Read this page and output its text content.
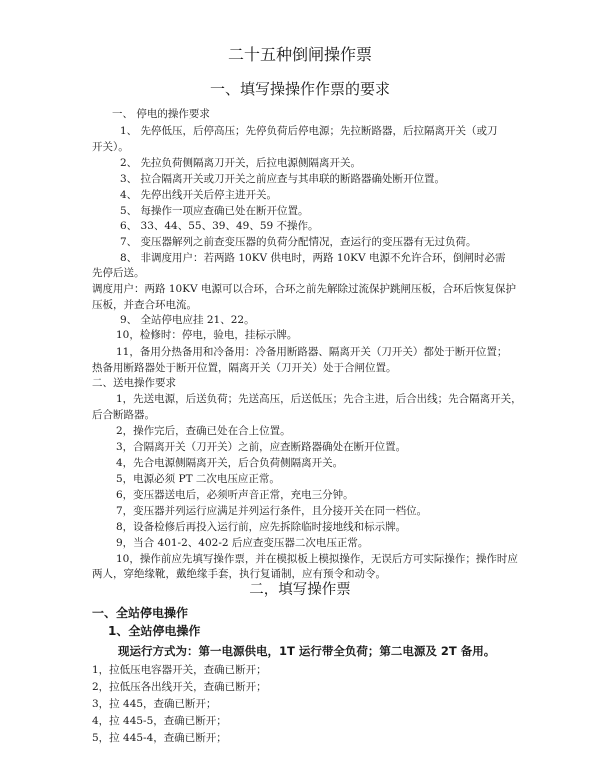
二十五种倒闸操作票
一、填写操操作作票的要求
一、 停电的操作要求
1、 先停低压，后停高压；先停负荷后停电源；先拉断路器，后拉隔离开关（或刀
开关）。
2、 先拉负荷侧隔离刀开关，后拉电源侧隔离开关。
3、 拉合隔离开关或刀开关之前应查与其串联的断路器确处断开位置。
4、 先停出线开关后停主进开关。
5、 每操作一项应查确已处在断开位置。
6、 33、44、55、39、49、59 不操作。
7、 变压器解列之前查变压器的负荷分配情况，查运行的变压器有无过负荷。
8、 非调度用户：若两路 10KV 供电时，两路 10KV 电源不允许合环，倒闸时必需
先停后送。
调度用户：两路 10KV 电源可以合环，合环之前先解除过流保护跳闸压板，合环后恢复保护
压板，并查合环电流。
9、 全站停电应挂 21、22。
10，检修时：停电，验电，挂标示牌。
11，备用分热备用和冷备用：冷备用断路器、隔离开关（刀开关）都处于断开位置；
热备用断路器处于断开位置，隔离开关（刀开关）处于合闸位置。
二、送电操作要求
1，先送电源，后送负荷；先送高压，后送低压；先合主进，后合出线；先合隔离开关，
后合断路器。
2，操作完后，查确已处在合上位置。
3，合隔离开关（刀开关）之前，应查断路器确处在断开位置。
4，先合电源侧隔离开关，后合负荷侧隔离开关。
5，电源必须 PT 二次电压应正常。
6，变压器送电后，必须听声音正常，充电三分钟。
7，变压器并列运行应满足并列运行条件，且分接开关在同一档位。
8，设备检修后再投入运行前，应先拆除临时接地线和标示牌。
9，当合 401-2、402-2 后应查变压器二次电压正常。
10，操作前应先填写操作票，并在模拟板上模拟操作，无误后方可实际操作；操作时应
两人，穿绝缘靴，戴绝缘手套，执行复诵制，应有预令和动令。
二，填写操作票
一、全站停电操作
1、全站停电操作
现运行方式为：第一电源供电，1T 运行带全负荷；第二电源及 2T 备用。
1，拉低压电容器开关，查确已断开；
2，拉低压各出线开关，查确已断开；
3，拉 445，查确已断开；
4，拉 445-5，查确已断开；
5，拉 445-4，查确已断开；
